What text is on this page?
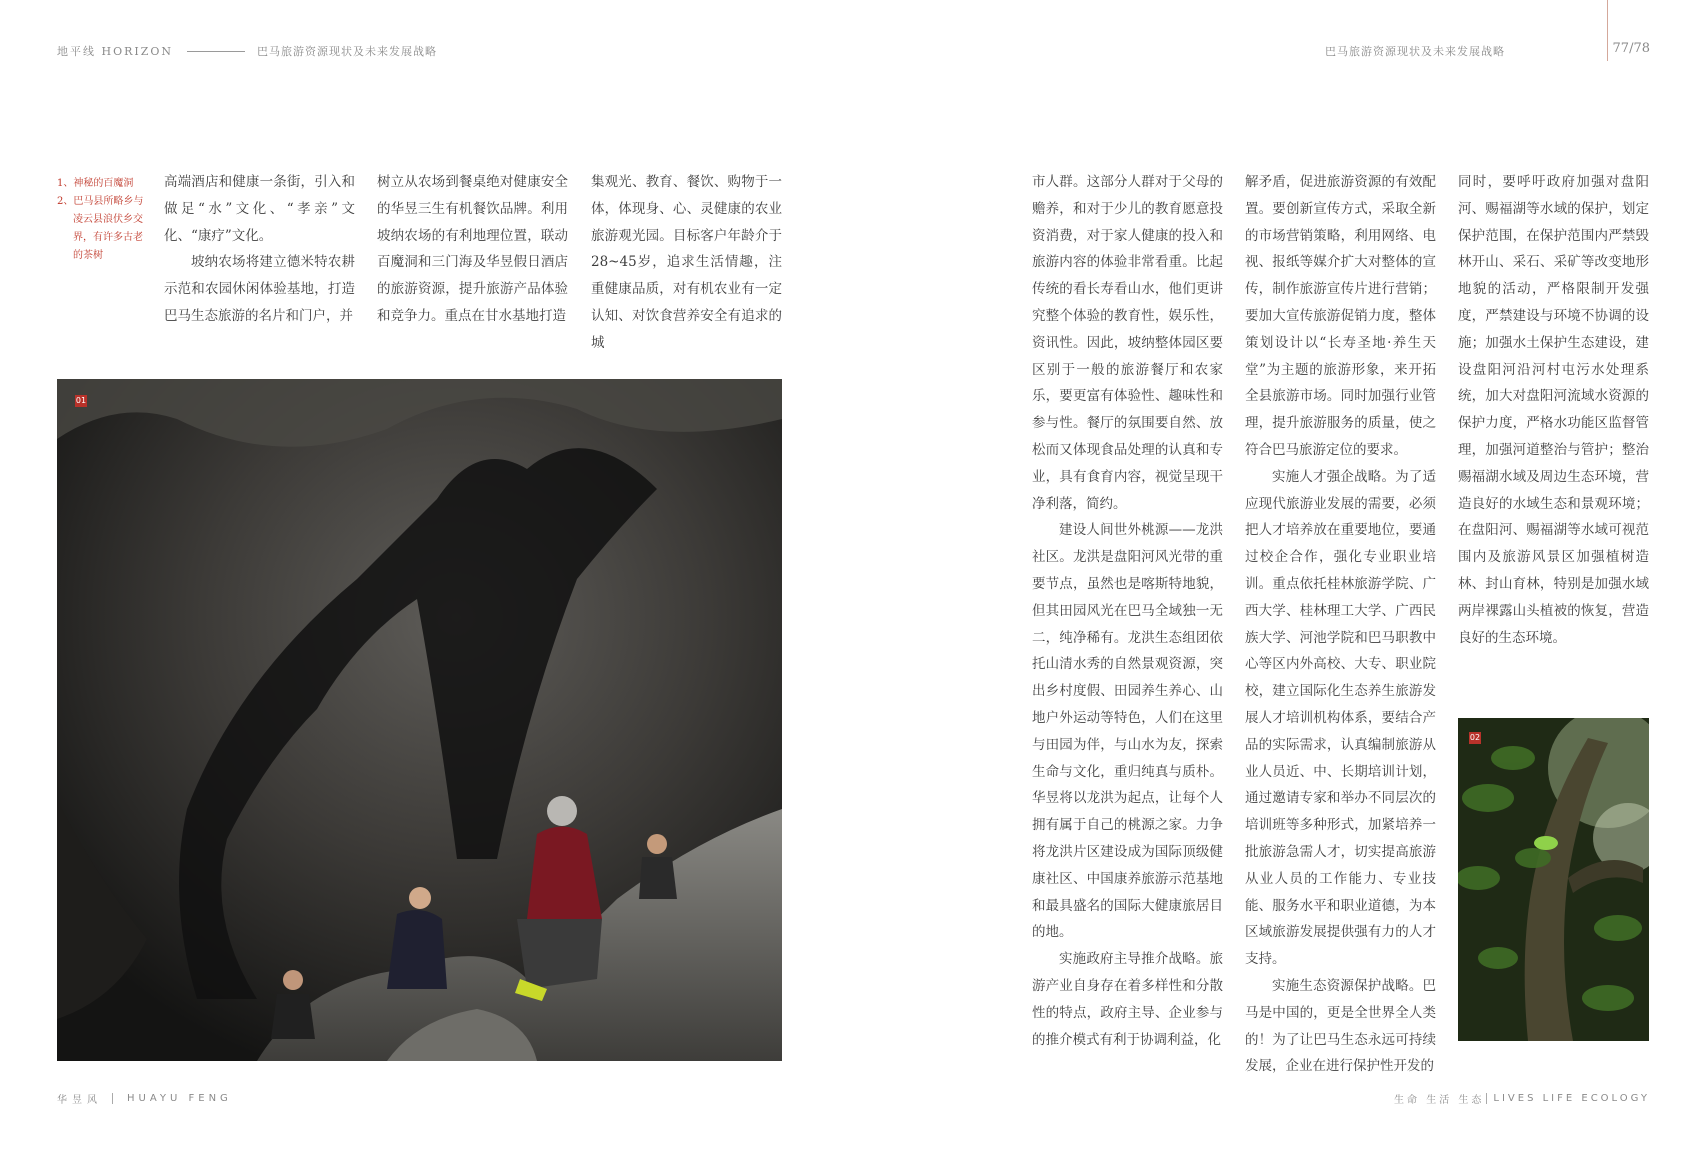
地平线 HORIZON	巴马旅游资源现状及未来发展战略

1、神秘的百魔洞

2、巴马县所略乡与凌云县浪伏乡交界，有许多古老的茶树

高端酒店和健康一条街，引入和做足“水”文化、“孝亲”文化、“康疗”文化。

坡纳农场将建立德米特农耕示范和农园休闲体验基地，打造巴马生态旅游的名片和门户，并

树立从农场到餐桌绝对健康安全的华昱三生有机餐饮品牌。利用坡纳农场的有利地理位置，联动百魔洞和三门海及华昱假日酒店的旅游资源，提升旅游产品体验和竞争力。重点在甘水基地打造

集观光、教育、餐饮、购物于一体，体现身、心、灵健康的农业旅游观光园。目标客户年龄介于28~45岁，追求生活情趣，注重健康品质，对有机农业有一定认知、对饮食营养安全有追求的城

01
华昱风	HUAYU FENG
巴马旅游资源现状及未来发展战略	77/78

市人群。这部分人群对于父母的赡养，和对于少儿的教育愿意投资消费，对于家人健康的投入和旅游内容的体验非常看重。比起传统的看长寿看山水，他们更讲究整个体验的教育性，娱乐性，资讯性。因此，坡纳整体园区要区别于一般的旅游餐厅和农家乐，要更富有体验性、趣味性和参与性。餐厅的氛围要自然、放松而又体现食品处理的认真和专业，具有食育内容，视觉呈现干净利落，简约。

建设人间世外桃源——龙洪社区。龙洪是盘阳河风光带的重要节点，虽然也是喀斯特地貌，但其田园风光在巴马全域独一无二，纯净稀有。龙洪生态组团依托山清水秀的自然景观资源，突出乡村度假、田园养生养心、山地户外运动等特色，人们在这里与田园为伴，与山水为友，探索生命与文化，重归纯真与质朴。华昱将以龙洪为起点，让每个人拥有属于自己的桃源之家。力争将龙洪片区建设成为国际顶级健康社区、中国康养旅游示范基地和最具盛名的国际大健康旅居目的地。

实施政府主导推介战略。旅游产业自身存在着多样性和分散性的特点，政府主导、企业参与的推介模式有利于协调利益，化

解矛盾，促进旅游资源的有效配置。要创新宣传方式，采取全新的市场营销策略，利用网络、电视、报纸等媒介扩大对整体的宣传，制作旅游宣传片进行营销；要加大宣传旅游促销力度，整体策划设计以“长寿圣地·养生天堂”为主题的旅游形象，来开拓全县旅游市场。同时加强行业管理，提升旅游服务的质量，使之符合巴马旅游定位的要求。

实施人才强企战略。为了适应现代旅游业发展的需要，必须把人才培养放在重要地位，要通过校企合作，强化专业职业培训。重点依托桂林旅游学院、广西大学、桂林理工大学、广西民族大学、河池学院和巴马职教中心等区内外高校、大专、职业院校，建立国际化生态养生旅游发展人才培训机构体系，要结合产品的实际需求，认真编制旅游从业人员近、中、长期培训计划，通过邀请专家和举办不同层次的培训班等多种形式，加紧培养一批旅游急需人才，切实提高旅游从业人员的工作能力、专业技能、服务水平和职业道德，为本区域旅游发展提供强有力的人才支持。

实施生态资源保护战略。巴马是中国的，更是全世界全人类的！为了让巴马生态永远可持续发展，企业在进行保护性开发的

同时，要呼吁政府加强对盘阳河、赐福湖等水域的保护，划定保护范围，在保护范围内严禁毁林开山、采石、采矿等改变地形地貌的活动，严格限制开发强度，严禁建设与环境不协调的设施；加强水土保护生态建设，建设盘阳河沿河村屯污水处理系统，加大对盘阳河流域水资源的保护力度，严格水功能区监督管理，加强河道整治与管护；整治赐福湖水域及周边生态环境，营造良好的水域生态和景观环境；在盘阳河、赐福湖等水域可视范围内及旅游风景区加强植树造林、封山育林，特别是加强水域两岸裸露山头植被的恢复，营造良好的生态环境。

02
生命 生活 生态 LIVES LIFE ECOLOGY
